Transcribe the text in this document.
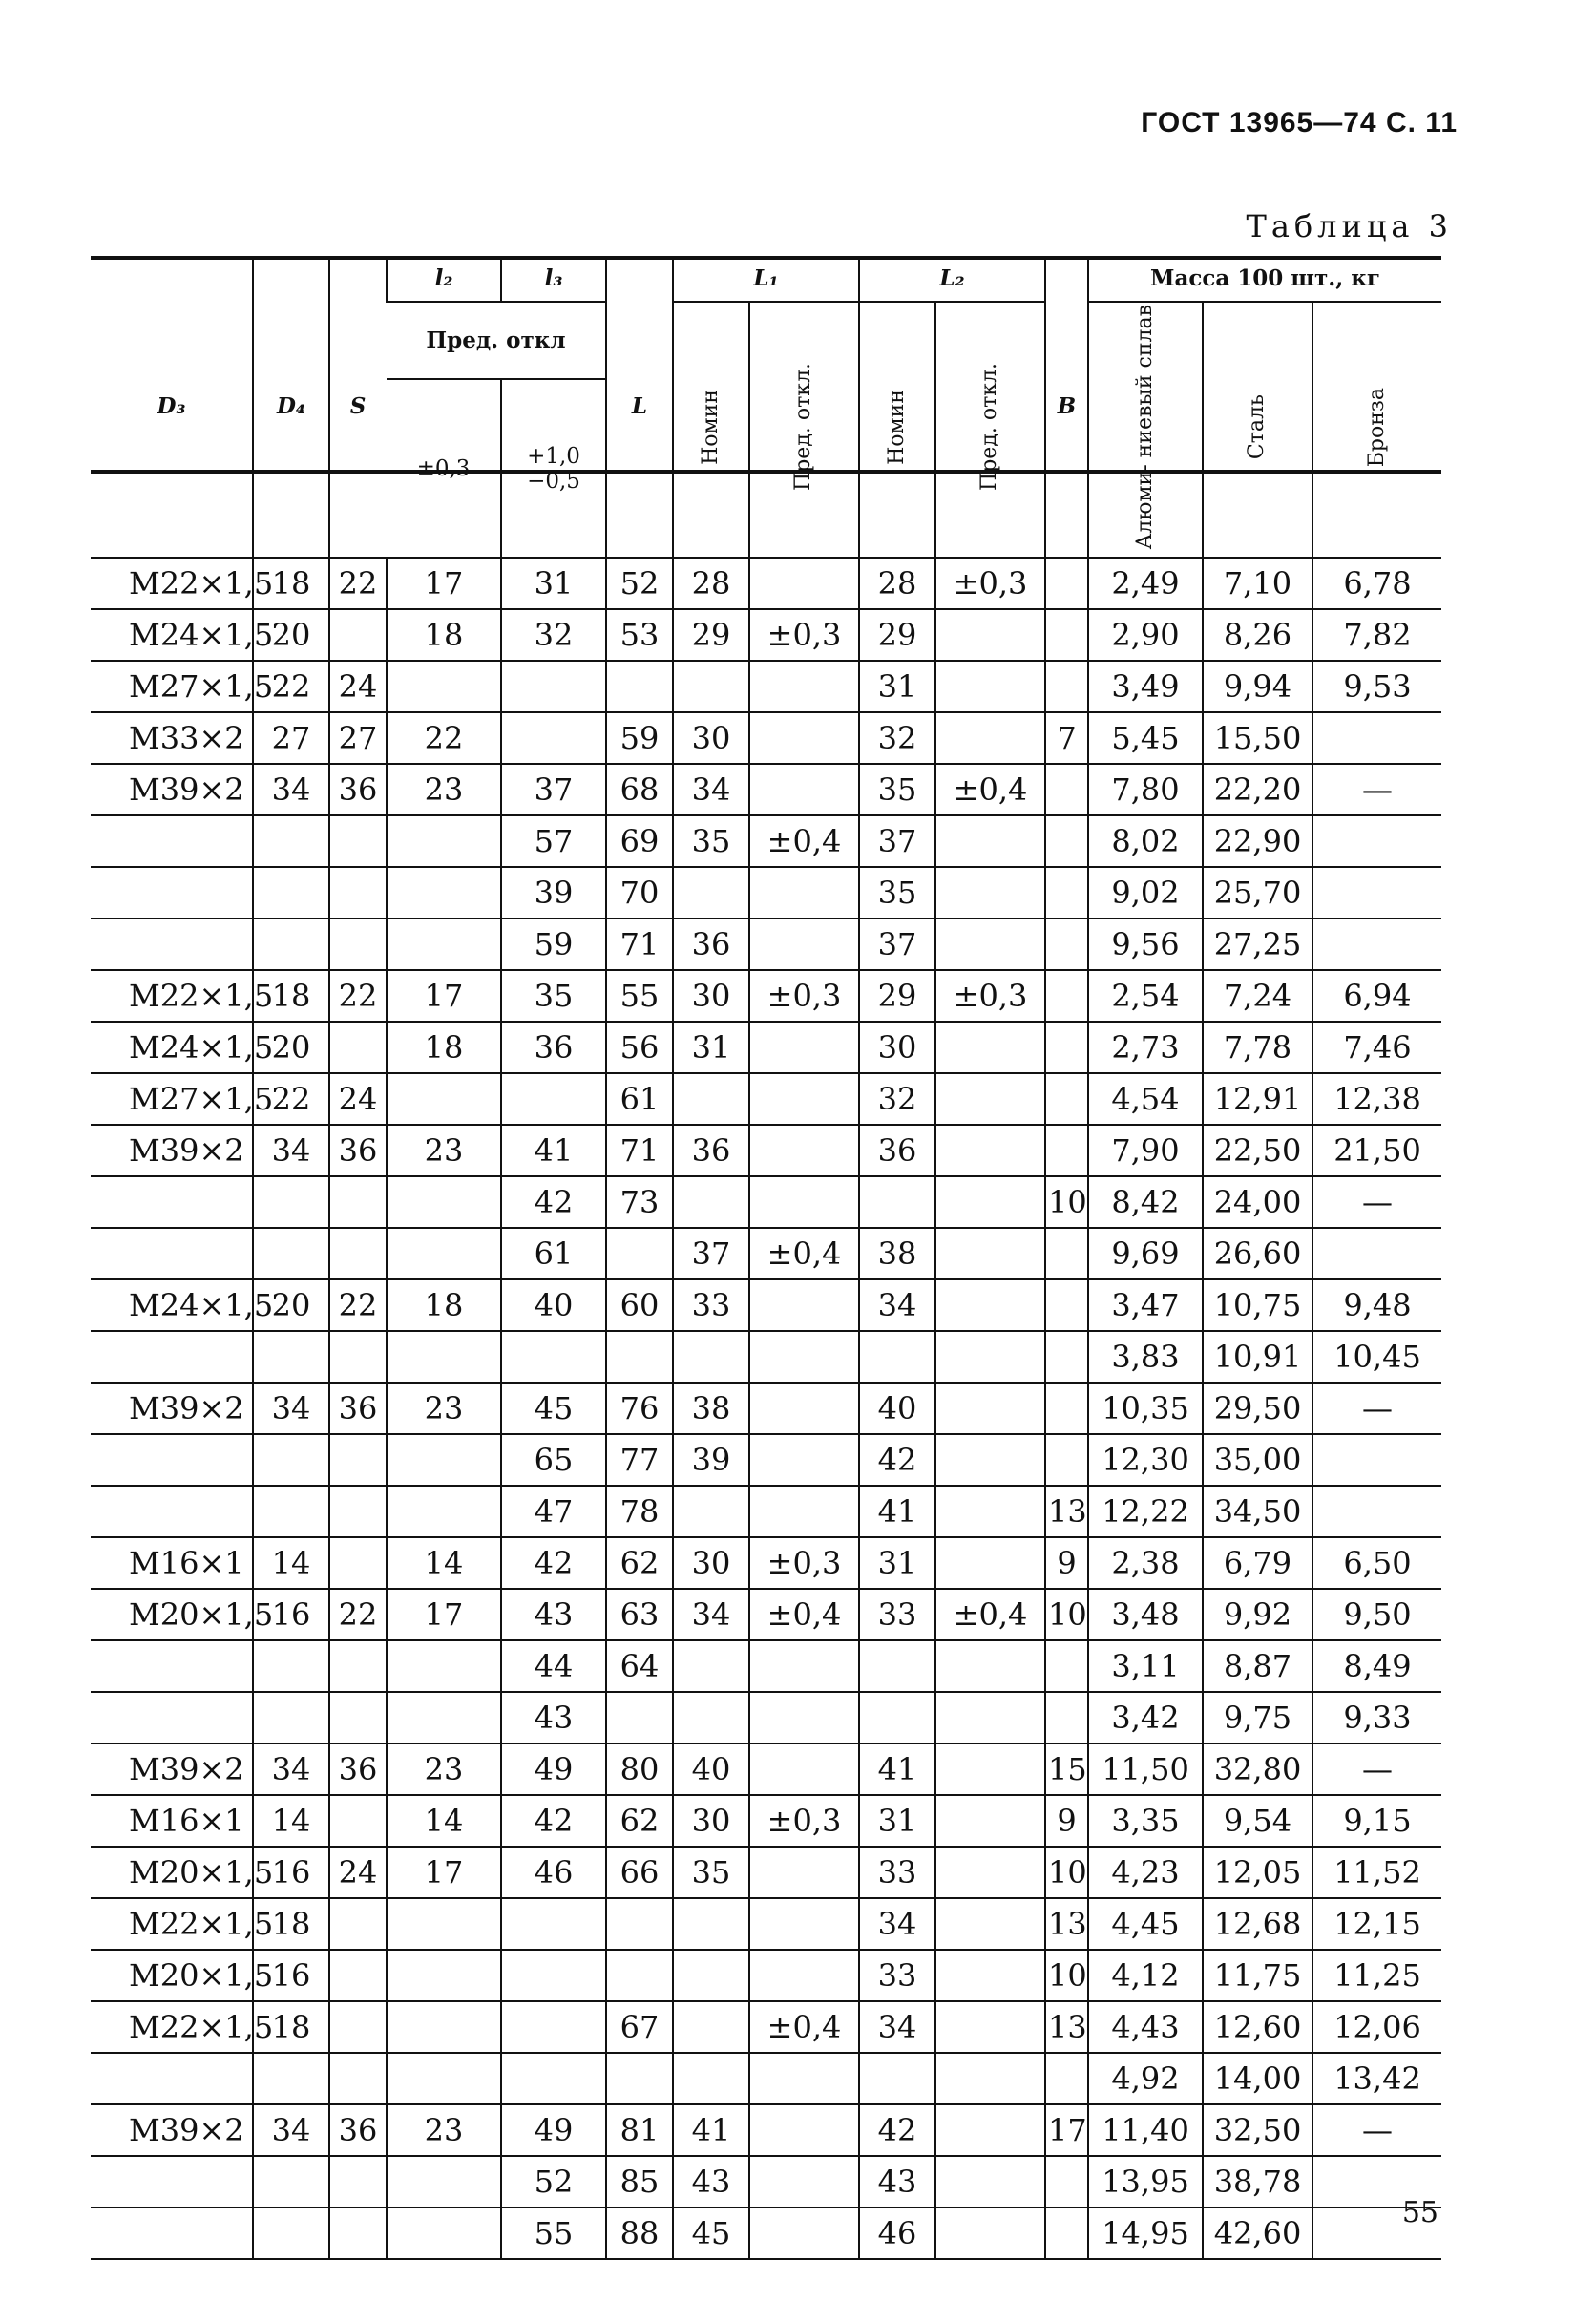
ГОСТ 13965—74 С. 11
Таблица 3
D₃	D₄	S	l₂	l₃	L	L₁		L₂		B	Масса 100 шт., кг		
			Пред. откл			Номин	Пред. откл.	Номин	Пред. откл.		Алюми- ниевый сплав	Сталь	Бронза
			±0,3	+1,0 −0,5									
M22×1,5	18	22	17	31	52	28		28	±0,3		2,49	7,10	6,78
M24×1,5	20		18	32	53	29	±0,3	29			2,90	8,26	7,82
M27×1,5	22	24						31			3,49	9,94	9,53
M33×2	27	27	22		59	30		32		7	5,45	15,50	
M39×2	34	36	23	37	68	34		35	±0,4		7,80	22,20	—
				57	69	35	±0,4	37			8,02	22,90	
				39	70			35			9,02	25,70	
				59	71	36		37			9,56	27,25	
M22×1,5	18	22	17	35	55	30	±0,3	29	±0,3		2,54	7,24	6,94
M24×1,5	20		18	36	56	31		30			2,73	7,78	7,46
M27×1,5	22	24			61			32			4,54	12,91	12,38
M39×2	34	36	23	41	71	36		36			7,90	22,50	21,50
				42	73					10	8,42	24,00	—
				61		37	±0,4	38			9,69	26,60	
M24×1,5	20	22	18	40	60	33		34			3,47	10,75	9,48
											3,83	10,91	10,45
M39×2	34	36	23	45	76	38		40			10,35	29,50	—
				65	77	39		42			12,30	35,00	
				47	78			41		13	12,22	34,50	
M16×1	14		14	42	62	30	±0,3	31		9	2,38	6,79	6,50
M20×1,5	16	22	17	43	63	34	±0,4	33	±0,4	10	3,48	9,92	9,50
				44	64						3,11	8,87	8,49
				43							3,42	9,75	9,33
M39×2	34	36	23	49	80	40		41		15	11,50	32,80	—
M16×1	14		14	42	62	30	±0,3	31		9	3,35	9,54	9,15
M20×1,5	16	24	17	46	66	35		33		10	4,23	12,05	11,52
M22×1,5	18							34		13	4,45	12,68	12,15
M20×1,5	16							33		10	4,12	11,75	11,25
M22×1,5	18				67		±0,4	34		13	4,43	12,60	12,06
											4,92	14,00	13,42
M39×2	34	36	23	49	81	41		42		17	11,40	32,50	—
				52	85	43		43			13,95	38,78	
				55	88	45		46			14,95	42,60	
55
